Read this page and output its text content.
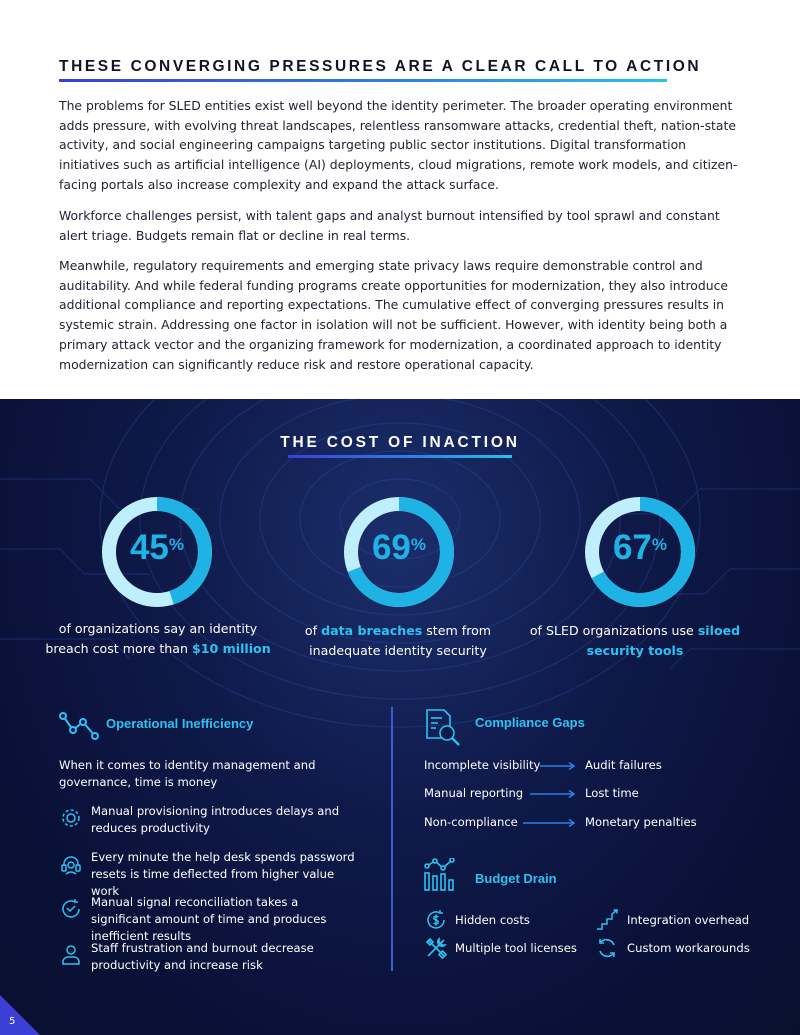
THESE CONVERGING PRESSURES ARE A CLEAR CALL TO ACTION

The problems for SLED entities exist well beyond the identity perimeter. The broader operating environment adds pressure, with evolving threat landscapes, relentless ransomware attacks, credential theft, nation-state activity, and social engineering campaigns targeting public sector institutions. Digital transformation initiatives such as artificial intelligence (AI) deployments, cloud migrations, remote work models, and citizen-facing portals also increase complexity and expand the attack surface.

Workforce challenges persist, with talent gaps and analyst burnout intensified by tool sprawl and constant alert triage. Budgets remain flat or decline in real terms.

Meanwhile, regulatory requirements and emerging state privacy laws require demonstrable control and auditability. And while federal funding programs create opportunities for modernization, they also introduce additional compliance and reporting expectations. The cumulative effect of converging pressures results in systemic strain. Addressing one factor in isolation will not be sufficient. However, with identity being both a primary attack vector and the organizing framework for modernization, a coordinated approach to identity modernization can significantly reduce risk and restore operational capacity.

THE COST OF INACTION
45%
of organizations say an identity breach cost more than $10 million
69%
of data breaches stem from inadequate identity security
67%
of SLED organizations use siloed security tools
Operational Inefficiency
When it comes to identity management and governance, time is money
Manual provisioning introduces delays and reduces productivity
Every minute the help desk spends password resets is time deflected from higher value work
Manual signal reconciliation takes a significant amount of time and produces inefficient results
Staff frustration and burnout decrease productivity and increase risk
Compliance Gaps
Incomplete visibility	Audit failures
Manual reporting	Lost time
Non-compliance	Monetary penalties
Budget Drain
Hidden costs	Integration overhead
Multiple tool licenses	Custom workarounds
5
